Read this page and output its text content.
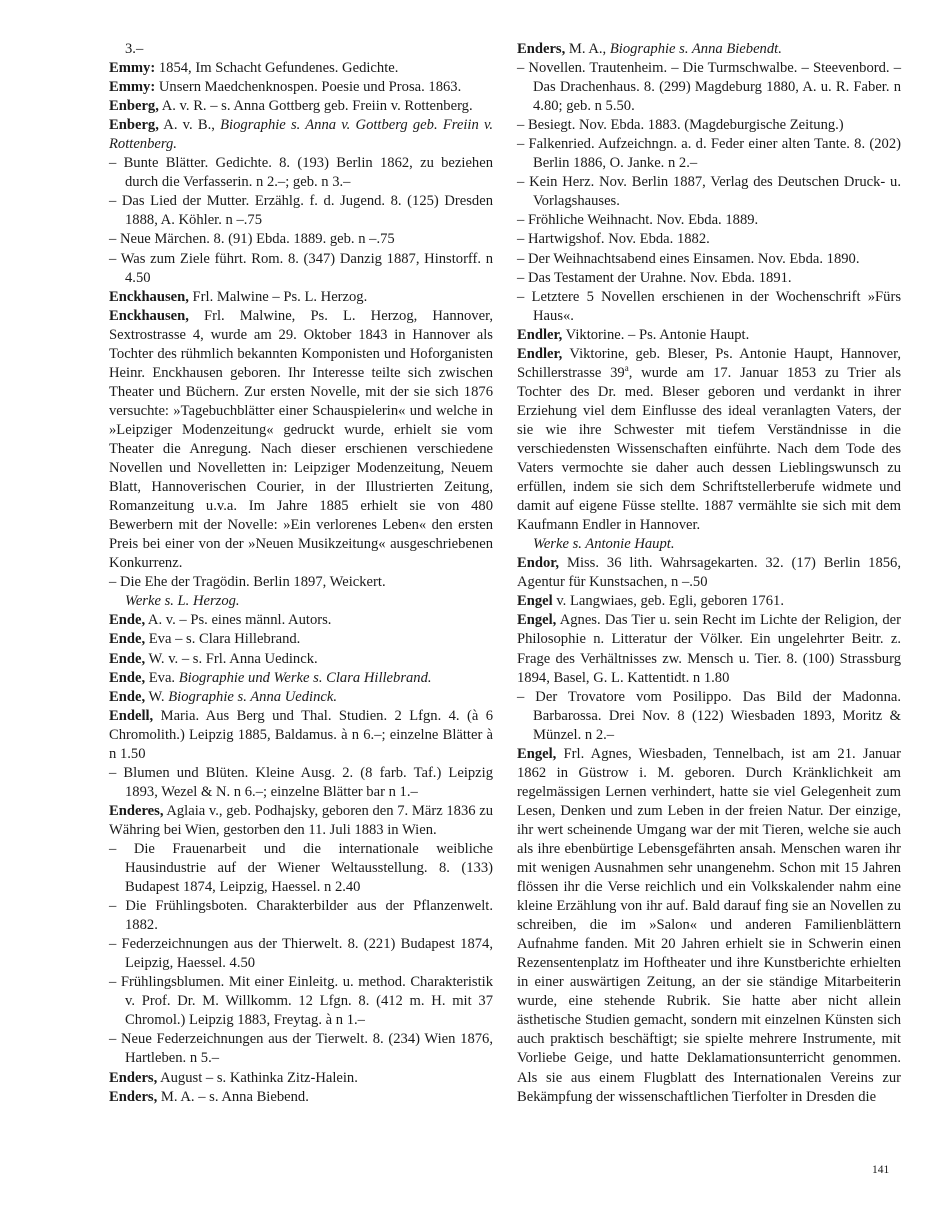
3.–

Emmy: 1854, Im Schacht Gefundenes. Gedichte.

Emmy: Unsern Maedchenknospen. Poesie und Prosa. 1863.

Enberg, A. v. R. – s. Anna Gottberg geb. Freiin v. Rottenberg.

Enberg, A. v. B., Biographie s. Anna v. Gottberg geb. Freiin v. Rottenberg.

– Bunte Blätter. Gedichte. 8. (193) Berlin 1862, zu beziehen durch die Verfasserin. n 2.–; geb. n 3.–

– Das Lied der Mutter. Erzählg. f. d. Jugend. 8. (125) Dresden 1888, A. Köhler. n –.75

– Neue Märchen. 8. (91) Ebda. 1889. geb. n –.75

– Was zum Ziele führt. Rom. 8. (347) Danzig 1887, Hinstorff. n 4.50

Enckhausen, Frl. Malwine – Ps. L. Herzog.

Enckhausen, Frl. Malwine, Ps. L. Herzog, Hannover, Sextrostrasse 4, wurde am 29. Oktober 1843 in Hannover als Tochter des rühmlich bekannten Komponisten und Hoforganisten Heinr. Enckhausen geboren. Ihr Interesse teilte sich zwischen Theater und Büchern. Zur ersten Novelle, mit der sie sich 1876 versuchte: »Tagebuchblätter einer Schauspielerin« und welche in »Leipziger Modenzeitung« gedruckt wurde, erhielt sie vom Theater die Anregung. Nach dieser erschienen verschiedene Novellen und Novelletten in: Leipziger Modenzeitung, Neuem Blatt, Hannoverischen Courier, in der Illustrierten Zeitung, Romanzeitung u.v.a. Im Jahre 1885 erhielt sie von 480 Bewerbern mit der Novelle: »Ein verlorenes Leben« den ersten Preis bei einer von der »Neuen Musikzeitung« ausgeschriebenen Konkurrenz.

– Die Ehe der Tragödin. Berlin 1897, Weickert.

Werke s. L. Herzog.

Ende, A. v. – Ps. eines männl. Autors.

Ende, Eva – s. Clara Hillebrand.

Ende, W. v. – s. Frl. Anna Uedinck.

Ende, Eva. Biographie und Werke s. Clara Hillebrand.

Ende, W. Biographie s. Anna Uedinck.

Endell, Maria. Aus Berg und Thal. Studien. 2 Lfgn. 4. (à 6 Chromolith.) Leipzig 1885, Baldamus. à n 6.–; einzelne Blätter à n 1.50

– Blumen und Blüten. Kleine Ausg. 2. (8 farb. Taf.) Leipzig 1893, Wezel & N. n 6.–; einzelne Blätter bar n 1.–

Enderes, Aglaia v., geb. Podhajsky, geboren den 7. März 1836 zu Währing bei Wien, gestorben den 11. Juli 1883 in Wien.

– Die Frauenarbeit und die internationale weibliche Hausindustrie auf der Wiener Weltausstellung. 8. (133) Budapest 1874, Leipzig, Haessel. n 2.40

– Die Frühlingsboten. Charakterbilder aus der Pflanzenwelt. 1882.

– Federzeichnungen aus der Thierwelt. 8. (221) Budapest 1874, Leipzig, Haessel. 4.50

– Frühlingsblumen. Mit einer Einleitg. u. method. Charakteristik v. Prof. Dr. M. Willkomm. 12 Lfgn. 8. (412 m. H. mit 37 Chromol.) Leipzig 1883, Freytag. à n 1.–

– Neue Federzeichnungen aus der Tierwelt. 8. (234) Wien 1876, Hartleben. n 5.–

Enders, August – s. Kathinka Zitz-Halein.

Enders, M. A. – s. Anna Biebend.

Enders, M. A., Biographie s. Anna Biebendt.

– Novellen. Trautenheim. – Die Turmschwalbe. – Steevenbord. – Das Drachenhaus. 8. (299) Magdeburg 1880, A. u. R. Faber. n 4.80; geb. n 5.50.

– Besiegt. Nov. Ebda. 1883. (Magdeburgische Zeitung.)

– Falkenried. Aufzeichngn. a. d. Feder einer alten Tante. 8. (202) Berlin 1886, O. Janke. n 2.–

– Kein Herz. Nov. Berlin 1887, Verlag des Deutschen Druck- u. Vorlagshauses.

– Fröhliche Weihnacht. Nov. Ebda. 1889.

– Hartwigshof. Nov. Ebda. 1882.

– Der Weihnachtsabend eines Einsamen. Nov. Ebda. 1890.

– Das Testament der Urahne. Nov. Ebda. 1891.

– Letztere 5 Novellen erschienen in der Wochenschrift »Fürs Haus«.

Endler, Viktorine. – Ps. Antonie Haupt.

Endler, Viktorine, geb. Bleser, Ps. Antonie Haupt, Hannover, Schillerstrasse 39$^a$, wurde am 17. Januar 1853 zu Trier als Tochter des Dr. med. Bleser geboren und verdankt in ihrer Erziehung viel dem Einflusse des ideal veranlagten Vaters, der sie wie ihre Schwester mit tiefem Verständnisse in die verschiedensten Wissenschaften einführte. Nach dem Tode des Vaters vermochte sie daher auch dessen Lieblingswunsch zu erfüllen, indem sie sich dem Schriftstellerberufe widmete und damit auf eigene Füsse stellte. 1887 vermählte sie sich mit dem Kaufmann Endler in Hannover.

Werke s. Antonie Haupt.

Endor, Miss. 36 lith. Wahrsagekarten. 32. (17) Berlin 1856, Agentur für Kunstsachen, n –.50

Engel v. Langwiaes, geb. Egli, geboren 1761.

Engel, Agnes. Das Tier u. sein Recht im Lichte der Religion, der Philosophie n. Litteratur der Völker. Ein ungelehrter Beitr. z. Frage des Verhältnisses zw. Mensch u. Tier. 8. (100) Strassburg 1894, Basel, G. L. Kattentidt. n 1.80

– Der Trovatore vom Posilippo. Das Bild der Madonna. Barbarossa. Drei Nov. 8 (122) Wiesbaden 1893, Moritz & Münzel. n 2.–

Engel, Frl. Agnes, Wiesbaden, Tennelbach, ist am 21. Januar 1862 in Güstrow i. M. geboren. Durch Kränklichkeit am regelmässigen Lernen verhindert, hatte sie viel Gelegenheit zum Lesen, Denken und zum Leben in der freien Natur. Der einzige, ihr wert scheinende Umgang war der mit Tieren, welche sie auch als ihre ebenbürtige Lebensgefährten ansah. Menschen waren ihr mit wenigen Ausnahmen sehr unangenehm. Schon mit 15 Jahren flössen ihr die Verse reichlich und ein Volkskalender nahm eine kleine Erzählung von ihr auf. Bald darauf fing sie an Novellen zu schreiben, die im »Salon« und anderen Familienblättern Aufnahme fanden. Mit 20 Jahren erhielt sie in Schwerin einen Rezensentenplatz im Hoftheater und ihre Kunstberichte erhielten in einer auswärtigen Zeitung, an der sie ständige Mitarbeiterin wurde, eine stehende Rubrik. Sie hatte aber nicht allein ästhetische Studien gemacht, sondern mit einzelnen Künsten sich auch praktisch beschäftigt; sie spielte mehrere Instrumente, mit Vorliebe Geige, und hatte Deklamationsunterricht genommen. Als sie aus einem Flugblatt des Internationalen Vereins zur Bekämpfung der wissenschaftlichen Tierfolter in Dresden die

141
